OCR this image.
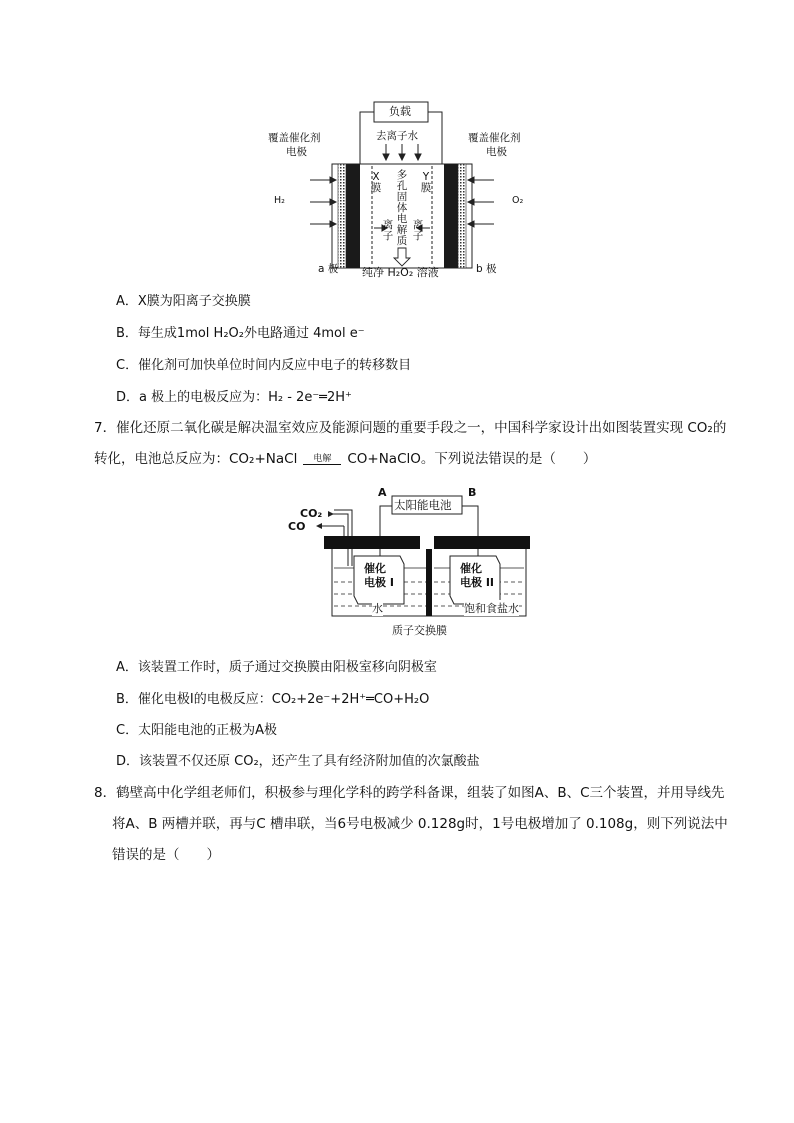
负载
去离子水
覆盖催化剂
电极
覆盖催化剂
电极
H₂	O₂
X
膜
Y
膜
多
孔
固
体
电
解
质
离
子
离
子
a 极	b 极
纯净 H₂O₂ 溶液
A．X膜为阳离子交换膜
B．每生成1mol H₂O₂外电路通过 4mol e⁻
C．催化剂可加快单位时间内反应中电子的转移数目
D．a 极上的电极反应为：H₂ - 2e⁻═2H⁺
7．催化还原二氧化碳是解决温室效应及能源问题的重要手段之一，中国科学家设计出如图装置实现 CO₂的
转化，电池总反应为：CO₂+NaCl	电解	CO+NaClO。下列说法错误的是（　　）
A	B
太阳能电池
CO₂
CO
催化
电极 I
催化
电极 II
水	饱和食盐水
质子交换膜
A．该装置工作时，质子通过交换膜由阳极室移向阴极室
B．催化电极Ⅰ的电极反应：CO₂+2e⁻+2H⁺═CO+H₂O
C．太阳能电池的正极为A极
D．该装置不仅还原 CO₂，还产生了具有经济附加值的次氯酸盐
8．鹤壁高中化学组老师们，积极参与理化学科的跨学科备课，组装了如图A、B、C三个装置，并用导线先
将A、B 两槽并联，再与C 槽串联，当6号电极减少 0.128g时，1号电极增加了 0.108g，则下列说法中
错误的是（　　）
